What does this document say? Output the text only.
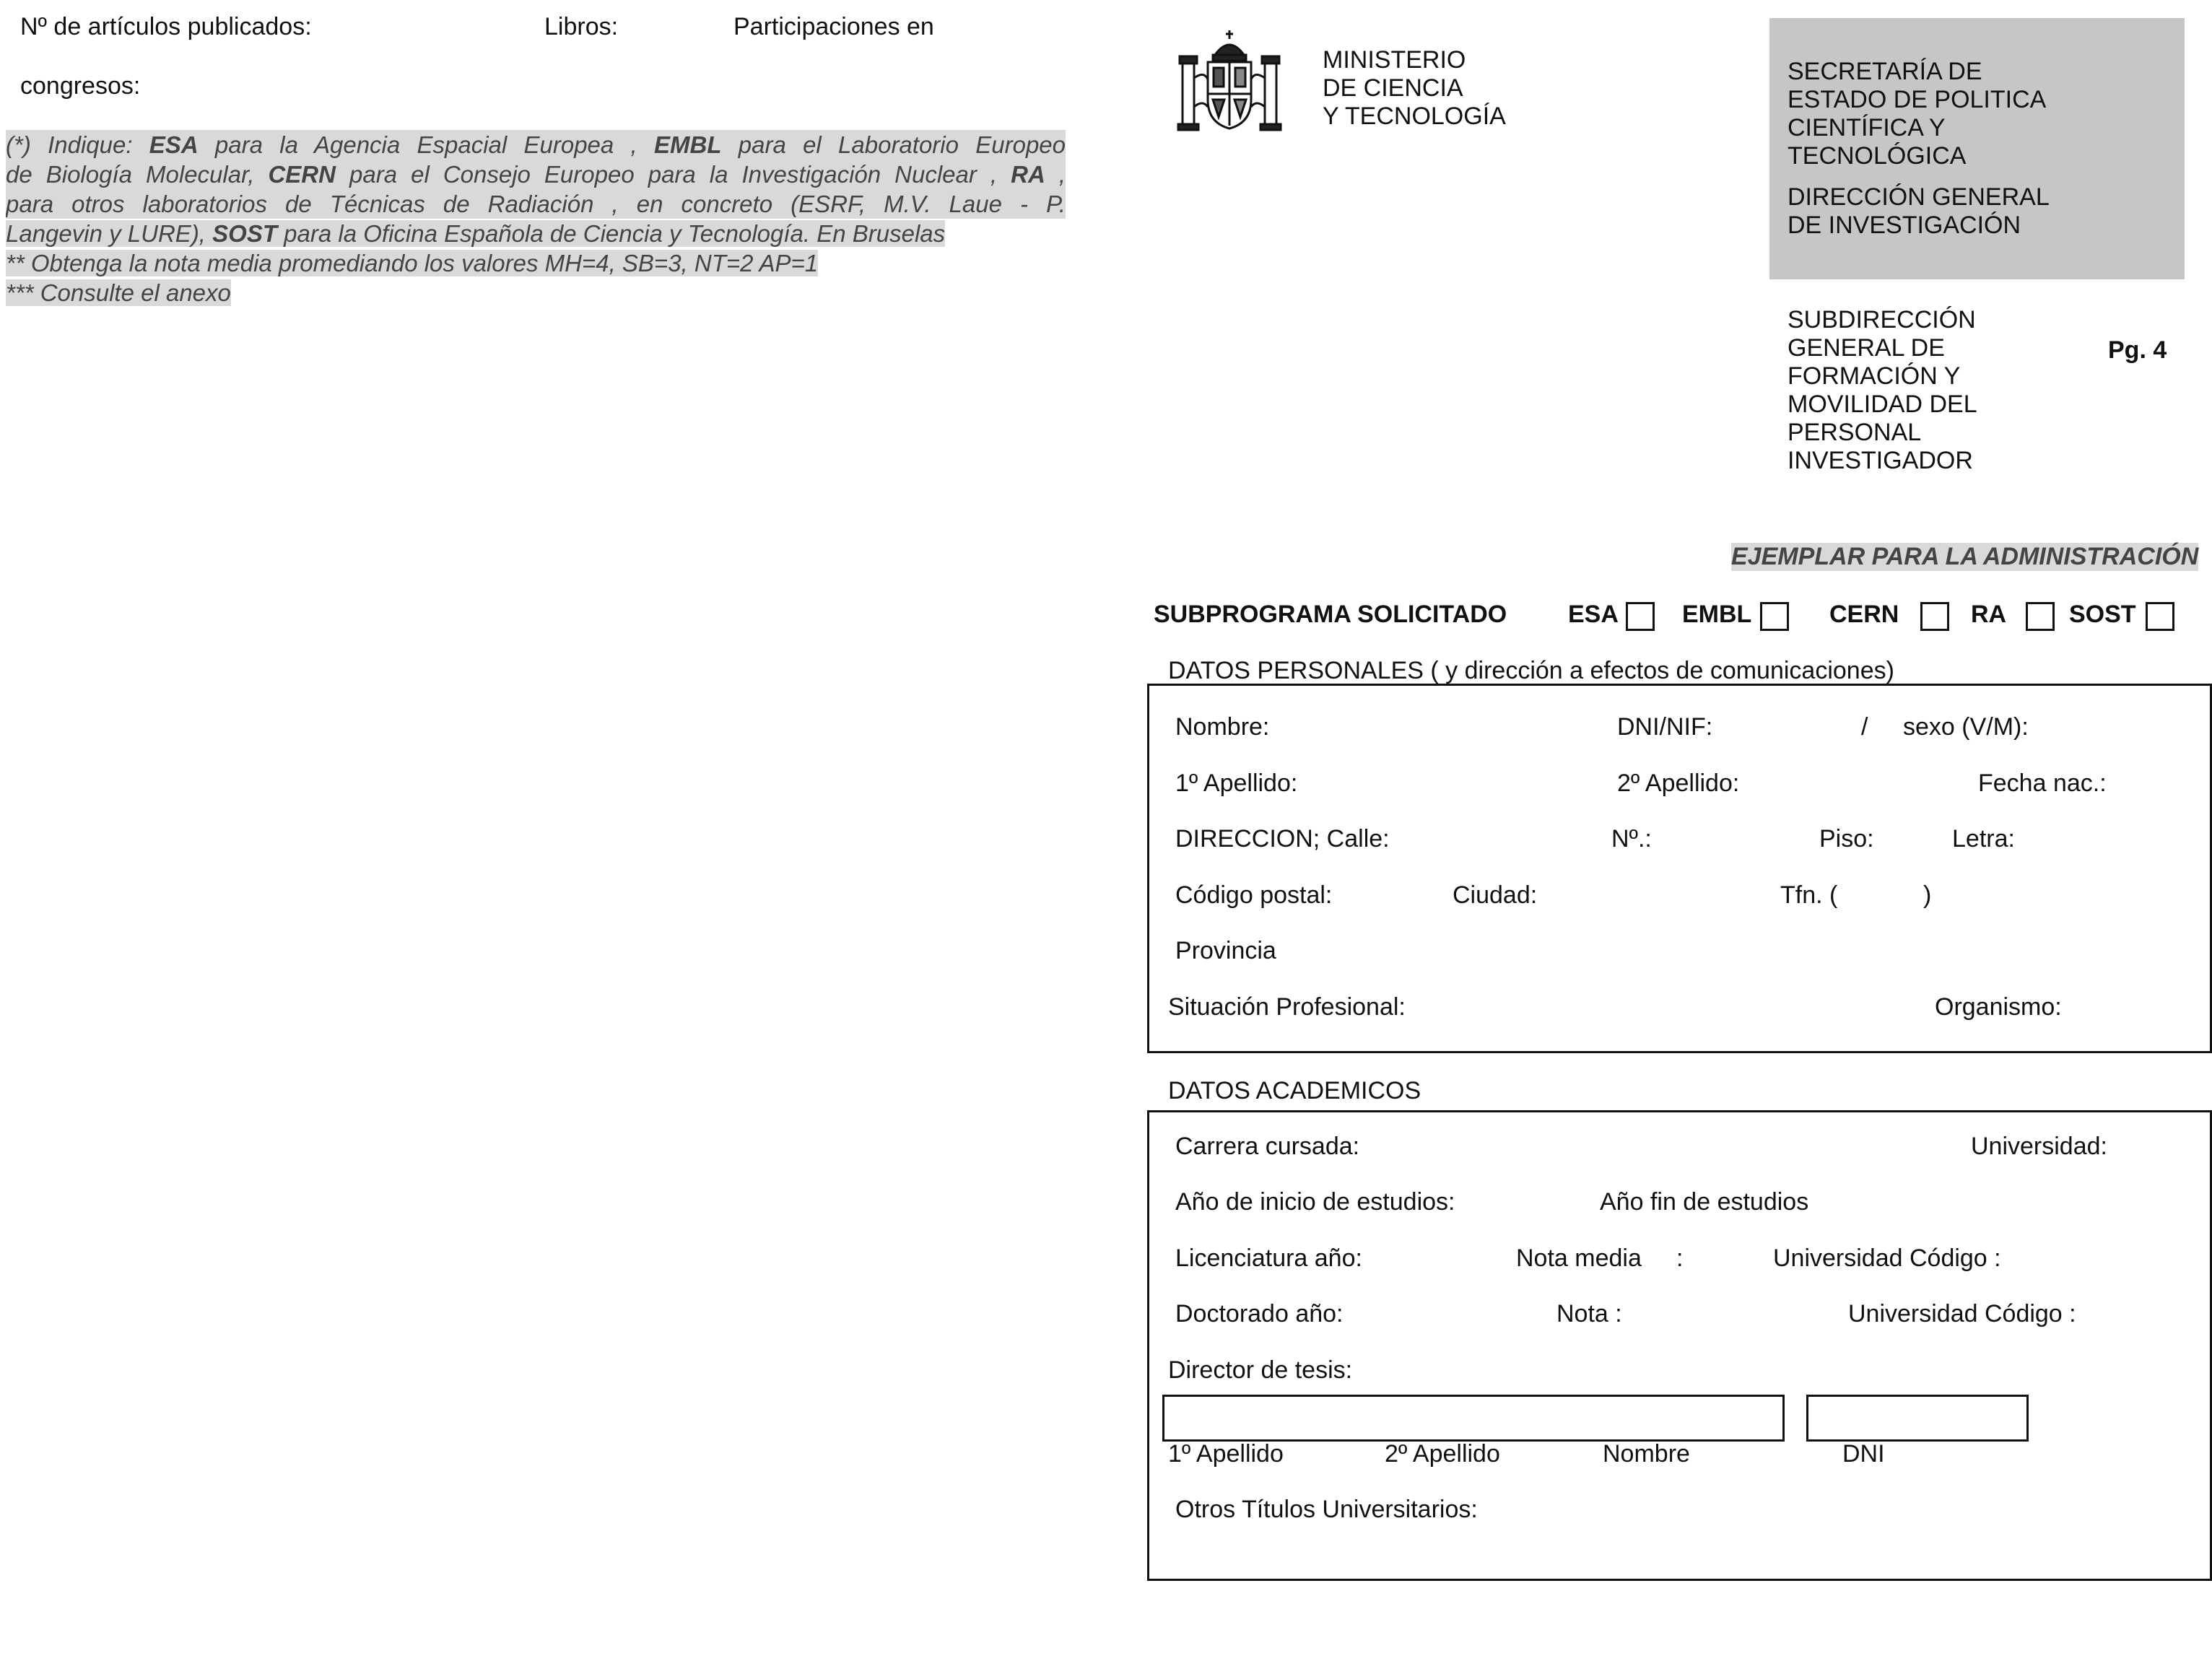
Nº de artículos publicados:	Libros:	Participaciones en
congresos:
(*) Indique: ESA para la Agencia Espacial Europea , EMBL para el Laboratorio Europeo
de Biología Molecular, CERN para el Consejo Europeo para la Investigación Nuclear , RA ,
para otros laboratorios de Técnicas de Radiación , en concreto (ESRF, M.V. Laue - P.
Langevin y LURE), SOST para la Oficina Española de Ciencia y Tecnología. En Bruselas
** Obtenga la nota media promediando los valores MH=4, SB=3, NT=2 AP=1
*** Consulte el anexo
MINISTERIO
DE CIENCIA
Y TECNOLOGÍA
SECRETARÍA DE
ESTADO DE POLITICA
CIENTÍFICA Y
TECNOLÓGICA
DIRECCIÓN GENERAL
DE INVESTIGACIÓN
SUBDIRECCIÓN
GENERAL DE
FORMACIÓN Y
MOVILIDAD DEL
PERSONAL
INVESTIGADOR
Pg. 4
EJEMPLAR PARA LA ADMINISTRACIÓN
SUBPROGRAMA SOLICITADO ESA	EMBL	CERN	RA	SOST
DATOS PERSONALES ( y dirección a efectos de comunicaciones)
Nombre:	DNI/NIF:	/ sexo (V/M):
1º Apellido:	2º Apellido:	Fecha nac.:
DIRECCION; Calle:	Nº.:	Piso:	Letra:
Código postal:	Ciudad:	Tfn. (	)
Provincia
Situación Profesional:	Organismo:
DATOS ACADEMICOS
Carrera cursada:	Universidad:
Año de inicio de estudios:	Año fin de estudios
Licenciatura año:	Nota media :	Universidad Código :
Doctorado año:	Nota :	Universidad Código :
Director de tesis:
1º Apellido	2º Apellido	Nombre	DNI
Otros Títulos Universitarios:
